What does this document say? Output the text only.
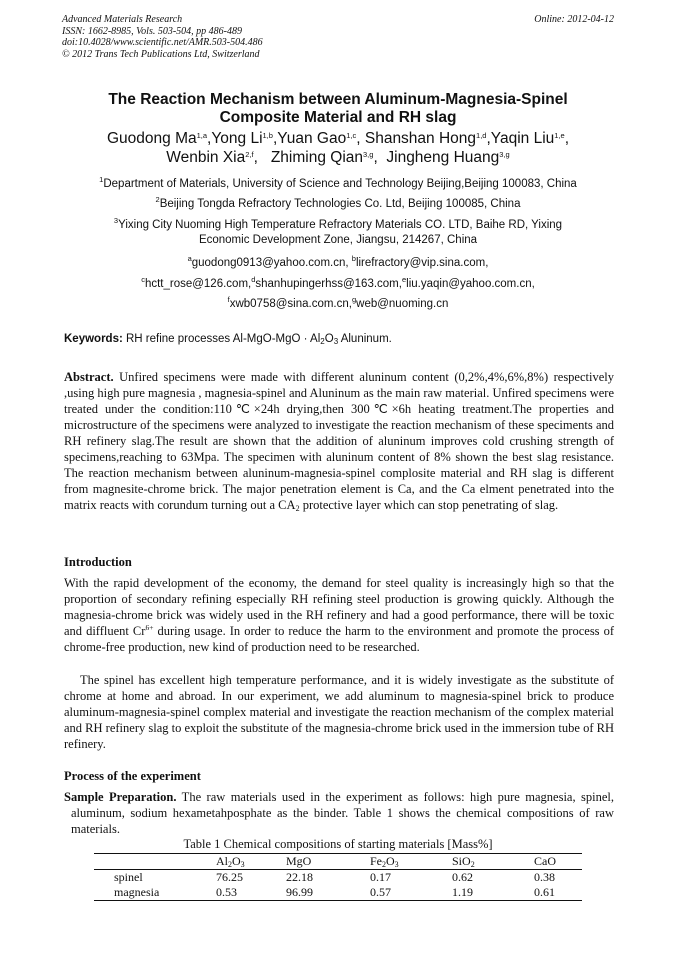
Advanced Materials Research
ISSN: 1662-8985, Vols. 503-504, pp 486-489
doi:10.4028/www.scientific.net/AMR.503-504.486
© 2012 Trans Tech Publications Ltd, Switzerland
Online: 2012-04-12
The Reaction Mechanism between Aluminum-Magnesia-Spinel
Composite Material and RH slag
Guodong Ma$^{1,a}$,Yong Li$^{1,b}$,Yuan Gao$^{1,c}$, Shanshan Hong$^{1,d}$,Yaqin Liu$^{1,e}$,
Wenbin Xia$^{2,f}$,   Zhiming Qian$^{3,g}$,  Jingheng Huang$^{3,g}$
$^1$Department of Materials, University of Science and Technology Beijing,Beijing 100083, China
$^2$Beijing Tongda Refractory Technologies Co. Ltd, Beijing 100085, China
$^3$Yixing City Nuoming High Temperature Refractory Materials CO. LTD, Baihe RD, Yixing
Economic Development Zone, Jiangsu, 214267, China
$^a$guodong0913@yahoo.com.cn, $^b$lirefractory@vip.sina.com,
$^c$hctt_rose@126.com,$^d$shanhupingerhss@163.com,$^e$liu.yaqin@yahoo.com.cn,
$^f$xwb0758@sina.com.cn,$^g$web@nuoming.cn
Keywords: RH refine processes $Al-MgO-MgO \cdot Al_2O_3$ Aluninum.
Abstract. Unfired specimens were made with different aluninum content (0,2%,4%,6%,8%) respectively ,using high pure magnesia , magnesia-spinel and Aluninum as the main raw material. Unfired specimens were treated under the condition:110℃×24h drying,then 300℃×6h heating treatment.The properties and microstructure of the specimens were analyzed to investigate the reaction mechanism of these speciments and RH refinery slag.The result are shown that the addition of aluninum improves cold crushing strength of specimens,reaching to 63Mpa. The specimen with aluninum content of 8% shown the best slag resistance. The reaction mechanism between aluninum-magnesia-spinel complosite material and RH slag is different from magnesite-chrome brick. The major penetration element is Ca, and the Ca elment penetrated into the matrix reacts with corundum turning out a $CA_2$ protective layer which can stop penetrating of slag.
Introduction
With the rapid development of the economy, the demand for steel quality is increasingly high so that the proportion of secondary refining especially RH refining steel production is growing quickly. Although the magnesia-chrome brick was widely used in the RH refinery and had a good performance, there will be toxic and diffluent $Cr^{6+}$ during usage. In order to reduce the harm to the environment and promote the process of chrome-free production, new kind of production need to be researched.
The spinel has excellent high temperature performance, and it is widely investigate as the substitute of chrome at home and abroad. In our experiment, we add aluminum to magnesia-spinel brick to produce aluminum-magnesia-spinel complex material and investigate the reaction mechanism of the complex material and RH refinery slag to exploit the substitute of the magnesia-chrome brick used in the immersion tube of RH refinery.
Process of the experiment
Sample Preparation. The raw materials used in the experiment as follows: high pure magnesia, spinel, aluminum, sodium hexametahposphate as the binder. Table 1 shows the chemical compositions of raw materials.
Table 1 Chemical compositions of starting materials [Mass%]
	$Al_2O_3$	MgO	$Fe_2O_3$	SiO$_2$	CaO
spinel	76.25	22.18	0.17	0.62	0.38
magnesia	0.53	96.99	0.57	1.19	0.61
